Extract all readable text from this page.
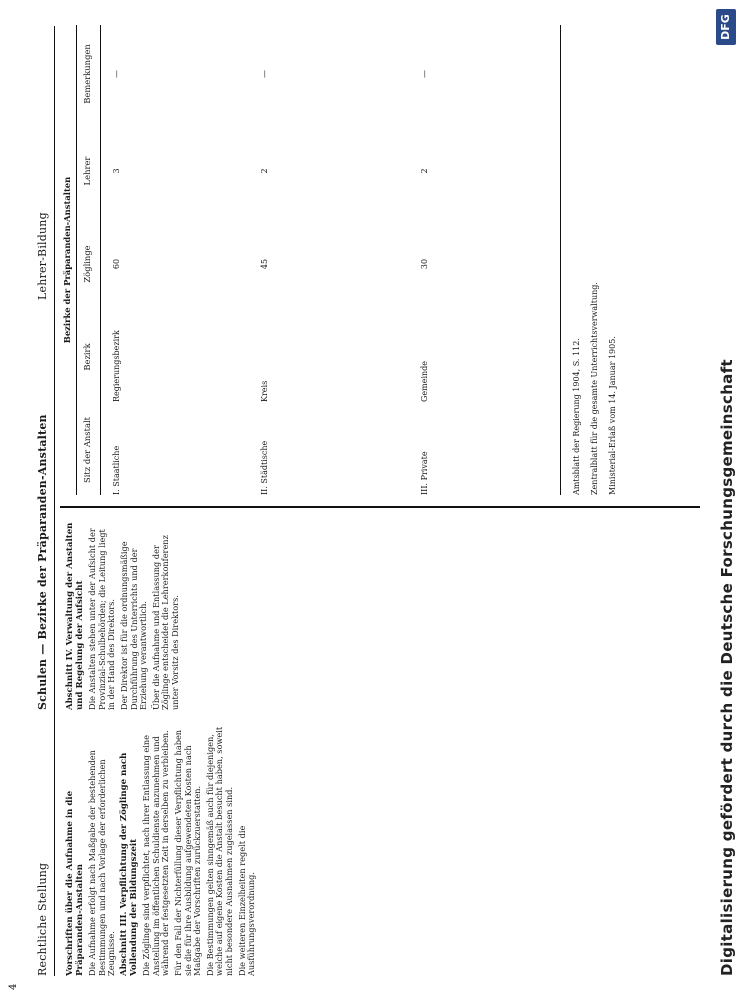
4
Rechtliche Stellung
Schulen — Bezirke der Präparanden-Anstalten
Lehrer-Bildung
Vorschriften über die Aufnahme in die Präparanden-Anstalten Die Aufnahme erfolgt nach Maßgabe der bestehenden Bestimmungen und nach Vorlage der erforderlichen Zeugnisse. Abschnitt III. Verpflichtung der Zöglinge nach Vollendung der Bildungszeit Die Zöglinge sind verpflichtet, nach ihrer Entlassung eine Anstellung im öffentlichen Schuldienste anzunehmen und während der festgesetzten Zeit in derselben zu verbleiben. Für den Fall der Nichterfüllung dieser Verpflichtung haben sie die für ihre Ausbildung aufgewendeten Kosten nach Maßgabe der Vorschriften zurückzuerstatten. Die Bestimmungen gelten sinngemäß auch für diejenigen, welche auf eigene Kosten die Anstalt besucht haben, soweit nicht besondere Ausnahmen zugelassen sind. Die weiteren Einzelheiten regelt die Ausführungsverordnung.

Abschnitt IV. Verwaltung der Anstalten und Regelung der Aufsicht Die Anstalten stehen unter der Aufsicht der Provinzial-Schulbehörden; die Leitung liegt in der Hand des Direktors. Der Direktor ist für die ordnungsmäßige Durchführung des Unterrichts und der Erziehung verantwortlich. Über die Aufnahme und Entlassung der Zöglinge entscheidet die Lehrerkonferenz unter Vorsitz des Direktors.

Bezirke der Präparanden-Anstalten
Sitz der Anstalt
Bezirk
Zöglinge
Lehrer
Bemerkungen
I. Staatliche
Regierungsbezirk
60
3
—
II. Städtische
Kreis
45
2
—
III. Private
Gemeinde
30
2
—
Amtsblatt der Regierung 1904, S. 112. Zentralblatt für die gesamte Unterrichtsverwaltung. Ministerial-Erlaß vom 14. Januar 1905.	Digitalisierung gefördert durch die Deutsche Forschungsgemeinschaft
DFG
